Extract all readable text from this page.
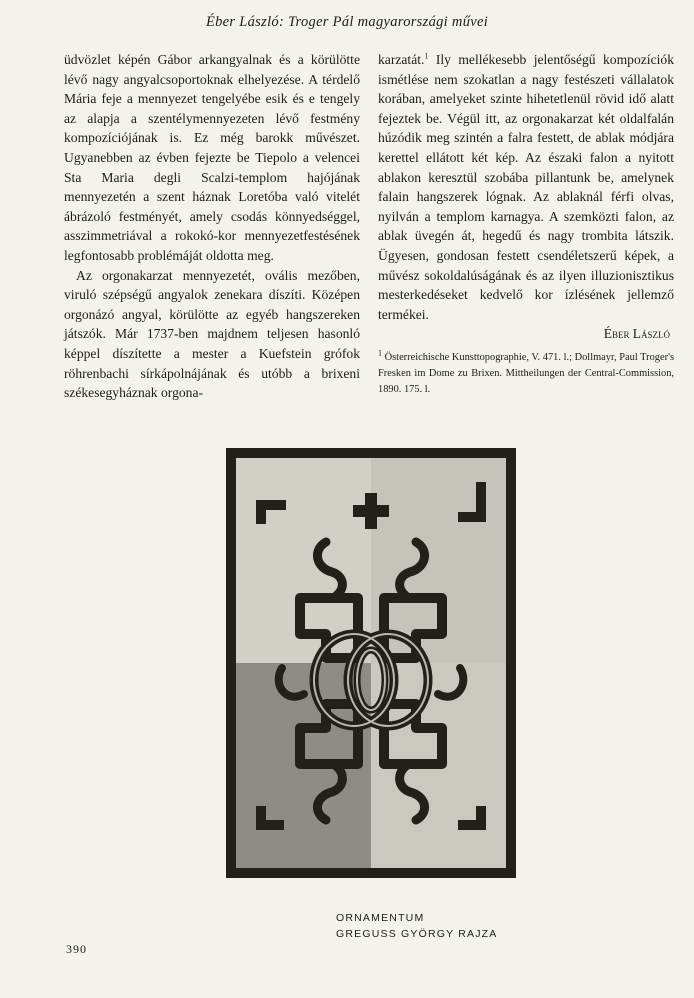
Éber László: Troger Pál magyarországi művei

üdvözlet képén Gábor arkangyalnak és a körülötte lévő nagy angyalcsoportoknak elhelyezése. A térdelő Mária feje a mennyezet tengelyébe esik és e tengely az alapja a szentélymennyezeten lévő festmény kompozíciójának is. Ez még barokk művészet. Ugyanebben az évben fejezte be Tiepolo a velencei Sta Maria degli Scalzi-templom hajójának mennyezetén a szent háznak Loretóba való vitelét ábrázoló festményét, amely csodás könnyedséggel, asszimmetriával a rokokó-kor mennyezetfestésének legfontosabb problémáját oldotta meg.

Az orgonakarzat mennyezetét, ovális mezőben, viruló szépségű angyalok zenekara díszíti. Középen orgonázó angyal, körülötte az egyéb hangszereken játszók. Már 1737-ben majdnem teljesen hasonló képpel díszítette a mester a Kuefstein grófok röhrenbachi sírkápolnájának és utóbb a brixeni székesegyháznak orgona-

karzatát.$^1$ Ily mellékesebb jelentőségű kompozíciók ismétlése nem szokatlan a nagy festészeti vállalatok korában, amelyeket szinte hihetetlenül rövid idő alatt fejeztek be. Végül itt, az orgonakarzat két oldalfalán húzódik meg szintén a falra festett, de ablak módjára kerettel ellátott két kép. Az északi falon a nyitott ablakon keresztül szobába pillantunk be, amelynek falain hangszerek lógnak. Az ablaknál férfi olvas, nyilván a templom karnagya. A szemközti falon, az ablak üvegén át, hegedű és nagy trombita látszik. Ügyesen, gondosan festett csendéletszerű képek, a művész sokoldalúságának és az ilyen illuzionisztikus mesterkedéseket kedvelő kor ízlésének jellemző termékei.

Éber László
$^1$ Österreichische Kunsttopographie, V. 471. l.; Dollmayr, Paul Troger's Fresken im Dome zu Brixen. Mittheilungen der Central-Commission, 1890. 175. l.
ORNAMENTUM
GREGUSS GYÖRGY RAJZA
390
